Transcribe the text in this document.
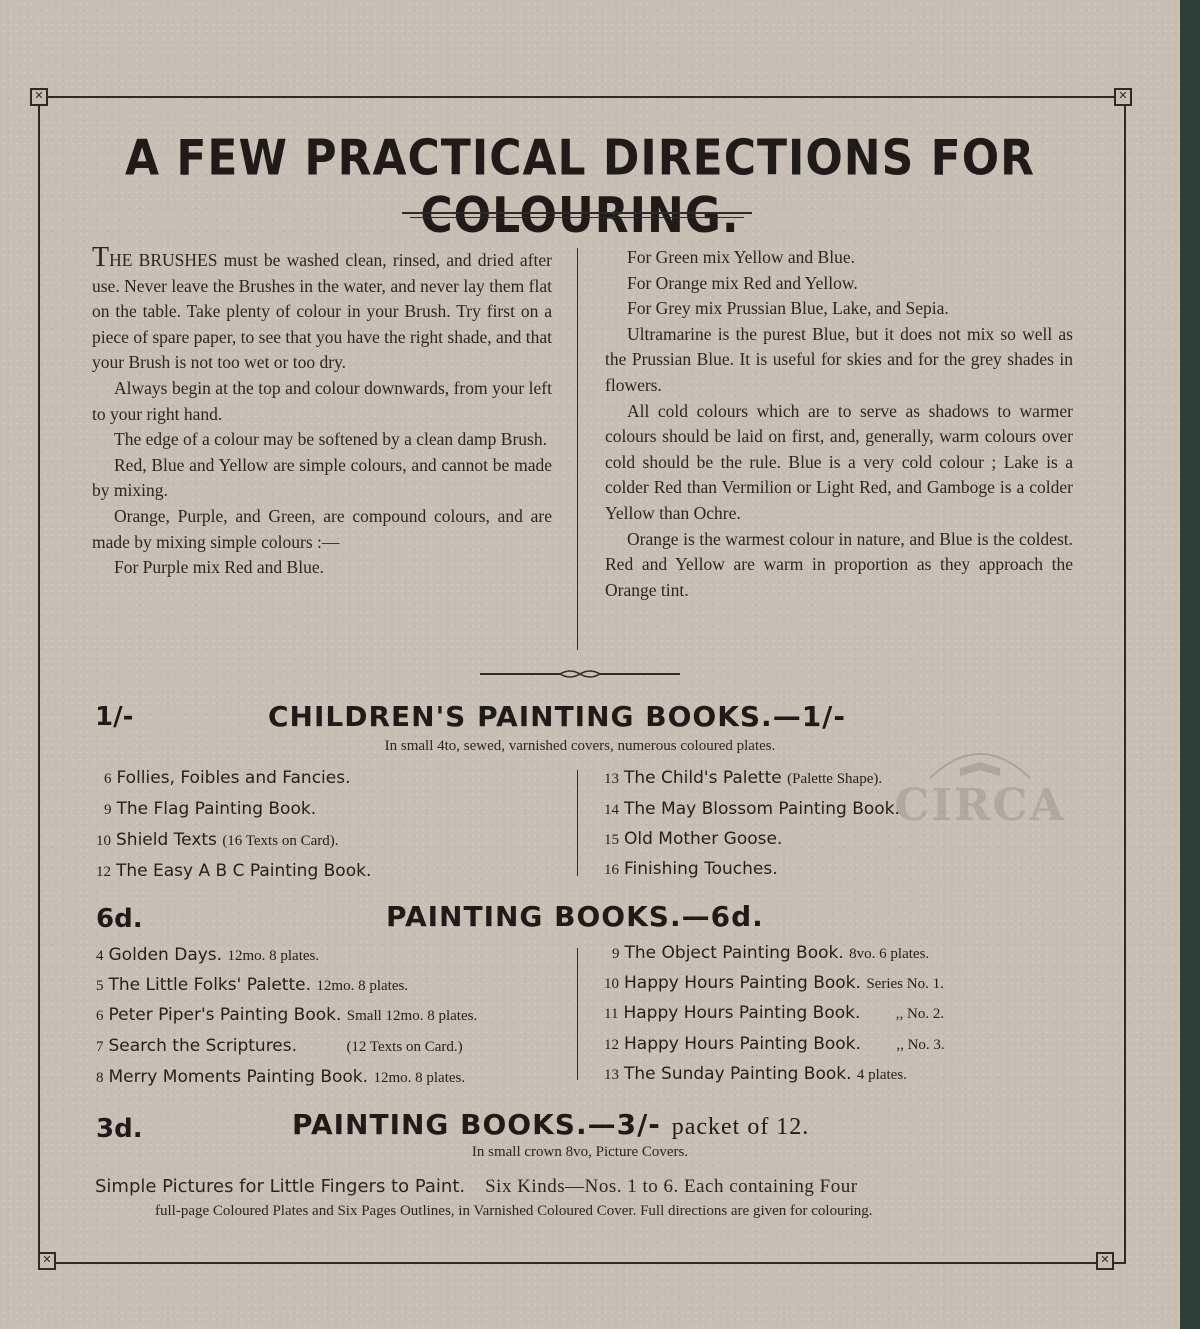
✕	✕
✕	✕
A FEW PRACTICAL DIRECTIONS FOR COLOURING.

THE BRUSHES must be washed clean, rinsed, and dried after use. Never leave the Brushes in the water, and never lay them flat on the table. Take plenty of colour in your Brush. Try first on a piece of spare paper, to see that you have the right shade, and that your Brush is not too wet or too dry.

Always begin at the top and colour downwards, from your left to your right hand.

The edge of a colour may be softened by a clean damp Brush.

Red, Blue and Yellow are simple colours, and cannot be made by mixing.

Orange, Purple, and Green, are compound colours, and are made by mixing simple colours :—

For Purple mix Red and Blue.

For Green mix Yellow and Blue.

For Orange mix Red and Yellow.

For Grey mix Prussian Blue, Lake, and Sepia.

Ultramarine is the purest Blue, but it does not mix so well as the Prussian Blue. It is useful for skies and for the grey shades in flowers.

All cold colours which are to serve as shadows to warmer colours should be laid on first, and, generally, warm colours over cold should be the rule. Blue is a very cold colour ; Lake is a colder Red than Vermilion or Light Red, and Gamboge is a colder Yellow than Ochre.

Orange is the warmest colour in nature, and Blue is the coldest. Red and Yellow are warm in proportion as they approach the Orange tint.

CIRCA
1/-	CHILDREN'S PAINTING BOOKS.—1/-
In small 4to, sewed, varnished covers, numerous coloured plates.
6 Follies, Foibles and Fancies.
9 The Flag Painting Book.
10 Shield Texts (16 Texts on Card).
12 The Easy A B C Painting Book.
13 The Child's Palette (Palette Shape).
14 The May Blossom Painting Book.
15 Old Mother Goose.
16 Finishing Touches.
6d.	PAINTING BOOKS.—6d.
4 Golden Days. 12mo. 8 plates.
5 The Little Folks' Palette. 12mo. 8 plates.
6 Peter Piper's Painting Book. Small 12mo. 8 plates.
7 Search the Scriptures.	(12 Texts on Card.)
8 Merry Moments Painting Book. 12mo. 8 plates.
9 The Object Painting Book. 8vo. 6 plates.
10 Happy Hours Painting Book. Series No. 1.
11 Happy Hours Painting Book. ,, No. 2.
12 Happy Hours Painting Book. ,, No. 3.
13 The Sunday Painting Book. 4 plates.
3d.	PAINTING BOOKS.—3/- packet of 12.
In small crown 8vo, Picture Covers.
Simple Pictures for Little Fingers to Paint. Six Kinds—Nos. 1 to 6. Each containing Four
full-page Coloured Plates and Six Pages Outlines, in Varnished Coloured Cover. Full directions are given for colouring.
